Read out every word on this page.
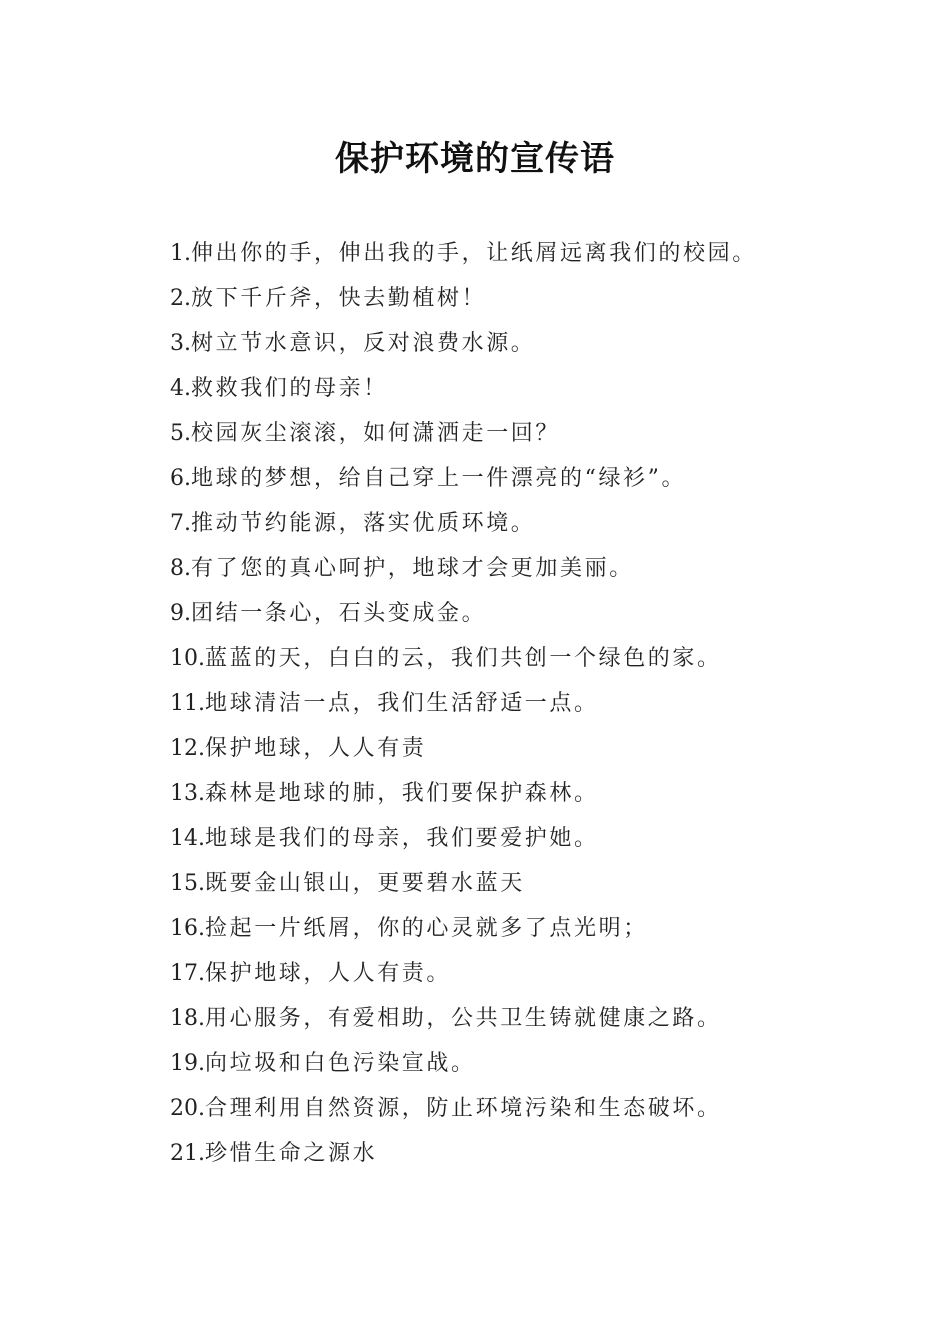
保护环境的宣传语
1.伸出你的手，伸出我的手，让纸屑远离我们的校园。
2.放下千斤斧，快去勤植树！
3.树立节水意识，反对浪费水源。
4.救救我们的母亲！
5.校园灰尘滚滚，如何潇洒走一回？
6.地球的梦想，给自己穿上一件漂亮的“绿衫”。
7.推动节约能源，落实优质环境。
8.有了您的真心呵护，地球才会更加美丽。
9.团结一条心，石头变成金。
10.蓝蓝的天，白白的云，我们共创一个绿色的家。
11.地球清洁一点，我们生活舒适一点。
12.保护地球，人人有责
13.森林是地球的肺，我们要保护森林。
14.地球是我们的母亲，我们要爱护她。
15.既要金山银山，更要碧水蓝天
16.捡起一片纸屑，你的心灵就多了点光明；
17.保护地球，人人有责。
18.用心服务，有爱相助，公共卫生铸就健康之路。
19.向垃圾和白色污染宣战。
20.合理利用自然资源，防止环境污染和生态破坏。
21.珍惜生命之源水
